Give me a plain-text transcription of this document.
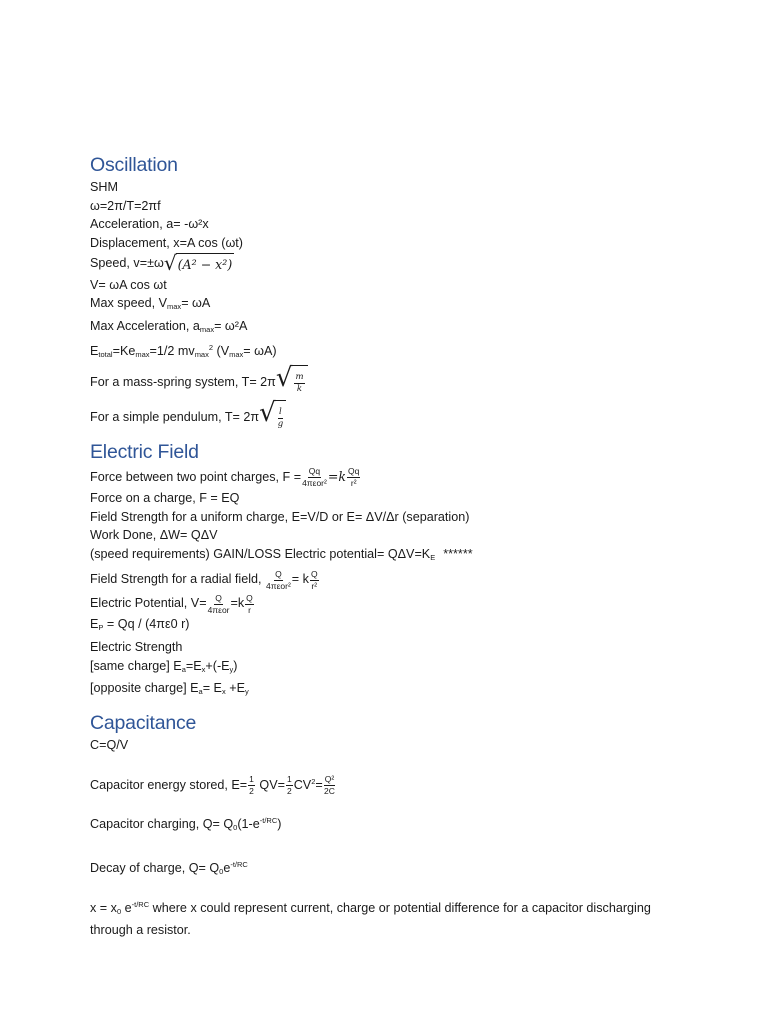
Oscillation
SHM
ω=2π/T=2πf
Acceleration, a= -ω²x
Displacement, x=A cos (ωt)
Speed, v=±ω √ (A² − x²)
V= ωA cos ωt
Max speed, $V_{max}= \omega A$
Max Acceleration, $a_{max}= \omega^2A$
$E_{total}=Ke_{max}=1/2$ $mv_{max}^2$ $(V_{max}= \omega A)$
For a mass-spring system, T= 2π √ $\frac{m}{k}$
For a simple pendulum, T= 2π √ $\frac{l}{g}$
Electric Field
Force between two point charges, $F = \frac{Qq}{\text{4πεor²}} =k \frac{Qq}{\text{r²}}$
Force on a charge, F = EQ
Field Strength for a uniform charge, E=V/D or E= ΔV/Δr (separation)
Work Done, ΔW= QΔV
(speed requirements) GAIN/LOSS Electric potential= $Q\Delta V=K_E$ ******
Field Strength for a radial field, $\frac{Q}{\text{4πεor²}} = k \frac{Q}{\text{r²}}$
Electric Potential, $V= \frac{Q}{\text{4πεor}} =k \frac{Q}{r}$
$E_P = Qq / (4\pi\varepsilon 0$ r)
Electric Strength
[same charge] $E_a=E_x+(-E_y)$
[opposite charge] $E_a= E_x +E_y$
Capacitance
C=Q/V
Capacitor energy stored, $E= \frac{1}{2} QV= \frac{1}{2} CV^2= \frac{\text{Q²}}{2C}$
Capacitor charging, $Q= Q_0(1-e^{-t/RC})$
Decay of charge, $Q= Q_0e^{-t/RC}$
$x = x_0$ $e^{-t/RC}$ where x could represent current, charge or potential difference for a capacitor discharging through a resistor.
